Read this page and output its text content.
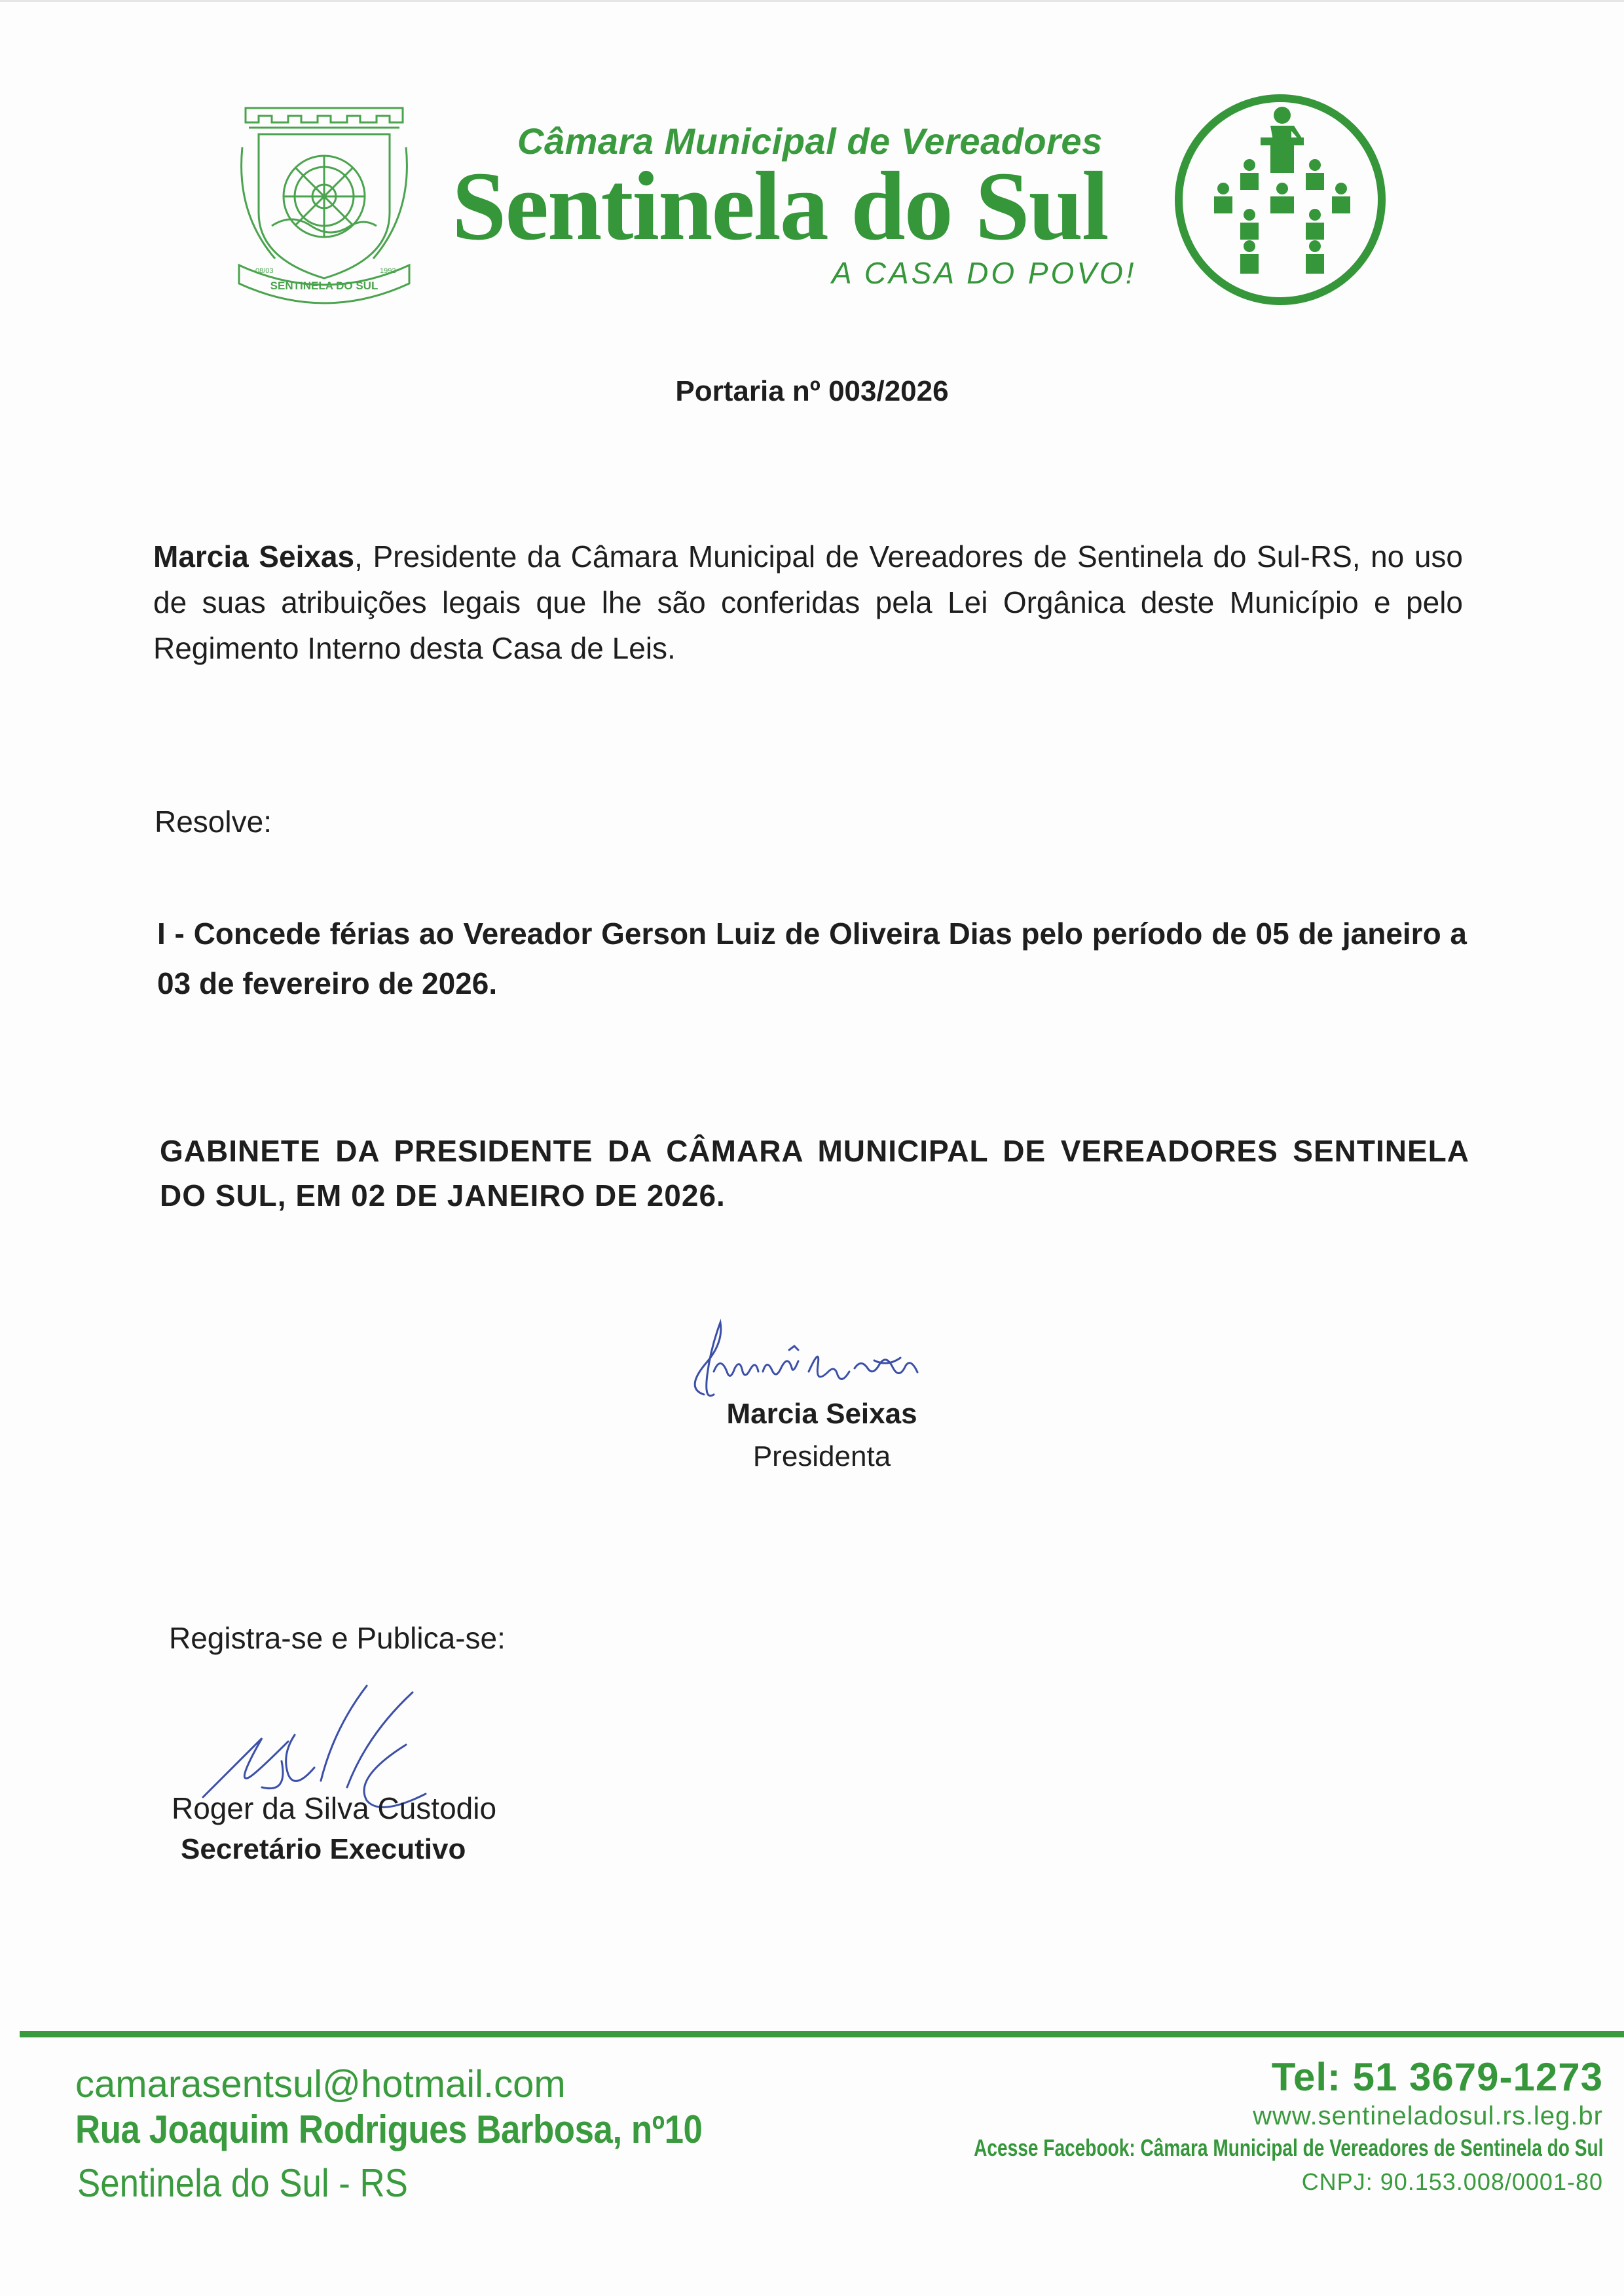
SENTINELA DO SUL
08/03	1992
Câmara Municipal de Vereadores
Sentinela do Sul
A CASA DO POVO!
Portaria nº 003/2026
Marcia Seixas, Presidente da Câmara Municipal de Vereadores de Sentinela do Sul-RS, no uso de suas atribuições legais que lhe são conferidas pela Lei Orgânica deste Município e pelo Regimento Interno desta Casa de Leis.
Resolve:
I - Concede férias ao Vereador Gerson Luiz de Oliveira Dias pelo período de 05 de janeiro a 03 de fevereiro de 2026.
GABINETE DA PRESIDENTE DA CÂMARA MUNICIPAL DE VEREADORES SENTINELA DO SUL, EM 02 DE JANEIRO DE 2026.
Marcia Seixas
Presidenta
Registra-se e Publica-se:
Roger da Silva Custodio
Secretário Executivo
camarasentsul@hotmail.com
Rua Joaquim Rodrigues Barbosa, nº10
Sentinela do Sul - RS
Tel: 51 3679-1273
www.sentineladosul.rs.leg.br
Acesse Facebook: Câmara Municipal de Vereadores de Sentinela do Sul
CNPJ: 90.153.008/0001-80
